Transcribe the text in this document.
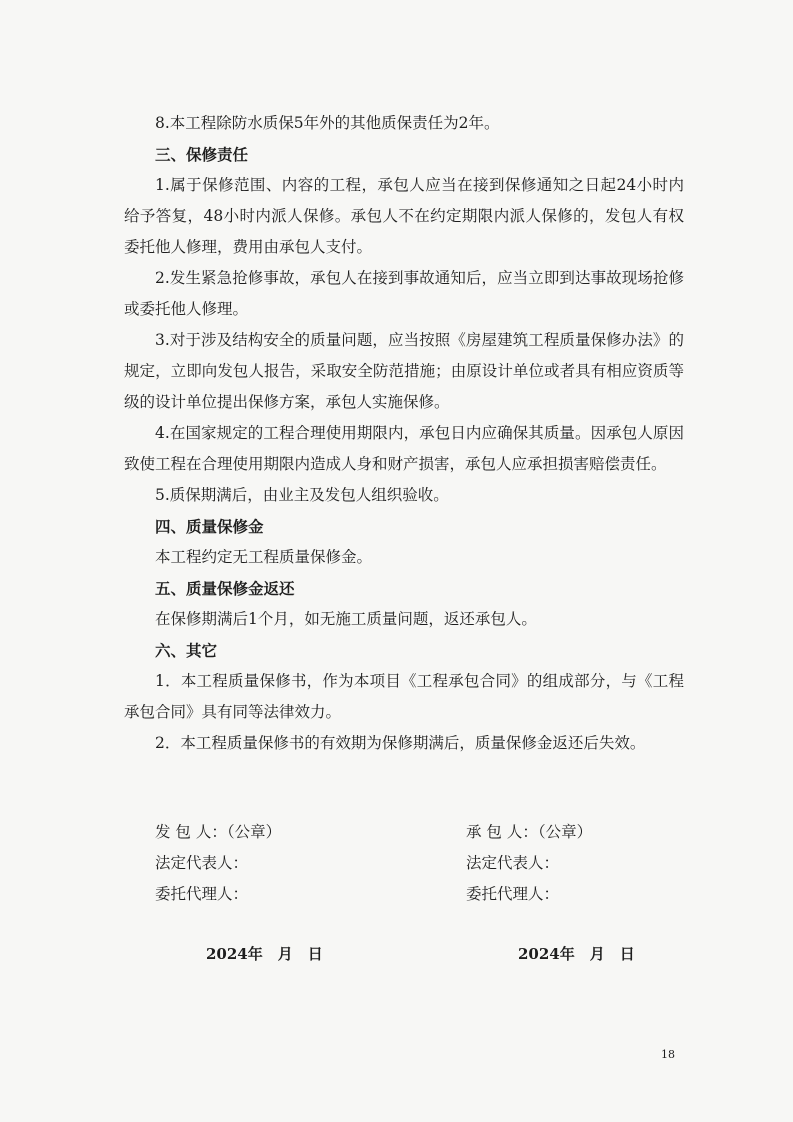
8.本工程除防水质保5年外的其他质保责任为2年。

三、保修责任

1.属于保修范围、内容的工程，承包人应当在接到保修通知之日起24小时内给予答复，48小时内派人保修。承包人不在约定期限内派人保修的，发包人有权委托他人修理，费用由承包人支付。

2.发生紧急抢修事故，承包人在接到事故通知后，应当立即到达事故现场抢修或委托他人修理。

3.对于涉及结构安全的质量问题，应当按照《房屋建筑工程质量保修办法》的规定，立即向发包人报告，采取安全防范措施；由原设计单位或者具有相应资质等级的设计单位提出保修方案，承包人实施保修。

4.在国家规定的工程合理使用期限内，承包日内应确保其质量。因承包人原因致使工程在合理使用期限内造成人身和财产损害，承包人应承担损害赔偿责任。

5.质保期满后，由业主及发包人组织验收。

四、质量保修金

本工程约定无工程质量保修金。

五、质量保修金返还

在保修期满后1个月，如无施工质量问题，返还承包人。

六、其它

1．本工程质量保修书，作为本项目《工程承包合同》的组成部分，与《工程承包合同》具有同等法律效力。

2．本工程质量保修书的有效期为保修期满后，质量保修金返还后失效。

发 包 人：（公章）
法定代表人：
委托代理人：
承 包 人：（公章）
法定代表人：
委托代理人：
2024年　月　日	2024年　月　日
18
